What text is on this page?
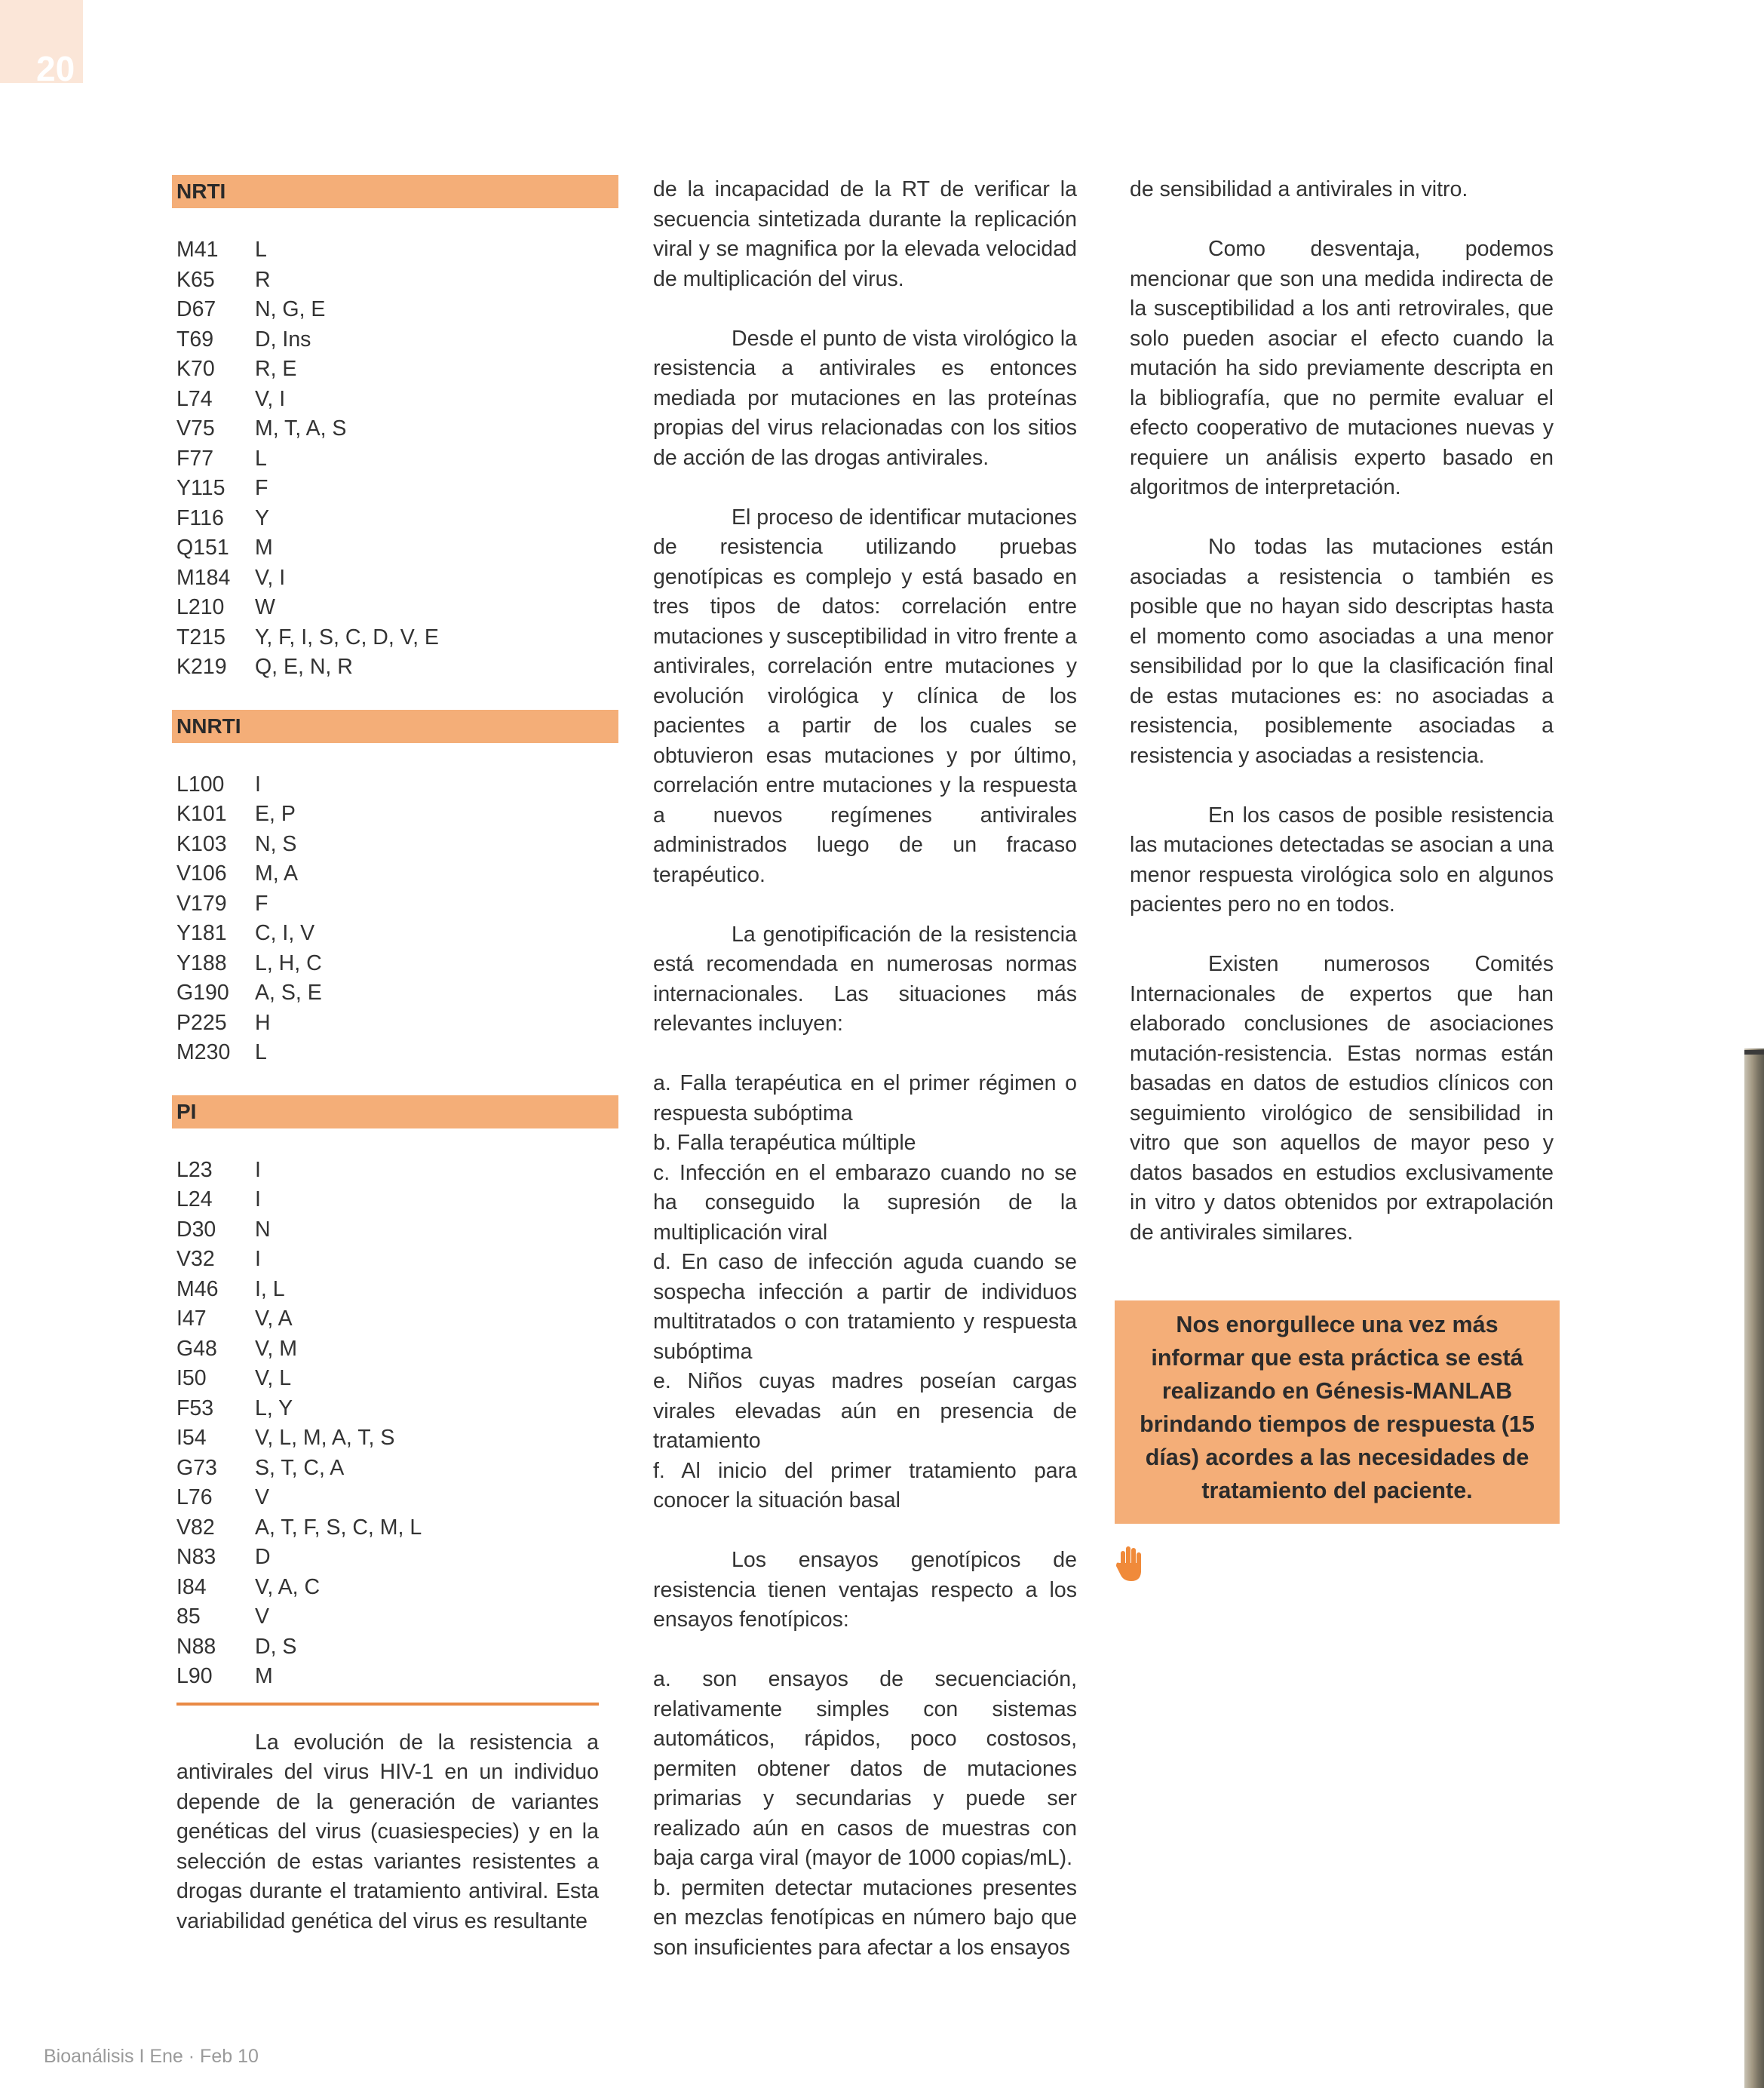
20
NRTI
M41	L
K65	R
D67	N, G, E
T69	D, Ins
K70	R, E
L74	V, I
V75	M, T, A, S
F77	L
Y115	F
F116	Y
Q151	M
M184	V, I
L210	W
T215	Y, F, I, S, C, D, V, E
K219	Q, E, N, R
NNRTI
L100	I
K101	E, P
K103	N, S
V106	M, A
V179	F
Y181	C, I, V
Y188	L, H, C
G190	A, S, E
P225	H
M230	L
PI
L23	I
L24	I
D30	N
V32	I
M46	I, L
I47	V, A
G48	V, M
I50	V, L
F53	L, Y
I54	V, L, M, A, T, S
G73	S, T, C, A
L76	V
V82	A, T, F, S, C, M, L
N83	D
I84	V, A, C
85	V
N88	D, S
L90	M

La evolución de la resistencia a antivirales del virus HIV-1 en un individuo depende de la generación de variantes genéticas del virus (cuasiespecies) y en la selección de estas variantes resistentes a drogas durante el tratamiento antiviral. Esta variabilidad genética del virus es resultante

de la incapacidad de la RT de verificar la secuencia sintetizada durante la replicación viral y se magnifica por la elevada velocidad de multiplicación del virus.

Desde el punto de vista virológico la resistencia a antivirales es entonces mediada por mutaciones en las proteínas propias del virus relacionadas con los sitios de acción de las drogas antivirales.

El proceso de identificar mutaciones de resistencia utilizando pruebas genotípicas es complejo y está basado en tres tipos de datos: correlación entre mutaciones y susceptibilidad in vitro frente a antivirales, correlación entre mutaciones y evolución virológica y clínica de los pacientes a partir de los cuales se obtuvieron esas mutaciones y por último, correlación entre mutaciones y la respuesta a nuevos regímenes antivirales administrados luego de un fracaso terapéutico.

La genotipificación de la resistencia está recomendada en numerosas normas internacionales. Las situaciones más relevantes incluyen:

a. Falla terapéutica en el primer régimen o respuesta subóptima

b. Falla terapéutica múltiple

c. Infección en el embarazo cuando no se ha conseguido la supresión de la multiplicación viral

d. En caso de infección aguda cuando se sospecha infección a partir de individuos multitratados o con tratamiento y respuesta subóptima

e. Niños cuyas madres poseían cargas virales elevadas aún en presencia de tratamiento

f. Al inicio del primer tratamiento para conocer la situación basal

Los ensayos genotípicos de resistencia tienen ventajas respecto a los ensayos fenotípicos:

a. son ensayos de secuenciación, relativamente simples con sistemas automáticos, rápidos, poco costosos, permiten obtener datos de mutaciones primarias y secundarias y puede ser realizado aún en casos de muestras con baja carga viral (mayor de 1000 copias/mL).

b. permiten detectar mutaciones presentes en mezclas fenotípicas en número bajo que son insuficientes para afectar a los ensayos

de sensibilidad a antivirales in vitro.

Como desventaja, podemos mencionar que son una medida indirecta de la susceptibilidad a los anti retrovirales, que solo pueden asociar el efecto cuando la mutación ha sido previamente descripta en la bibliografía, que no permite evaluar el efecto cooperativo de mutaciones nuevas y requiere un análisis experto basado en algoritmos de interpretación.

No todas las mutaciones están asociadas a resistencia o también es posible que no hayan sido descriptas hasta el momento como asociadas a una menor sensibilidad por lo que la clasificación final de estas mutaciones es: no asociadas a resistencia, posiblemente asociadas a resistencia y asociadas a resistencia.

En los casos de posible resistencia las mutaciones detectadas se asocian a una menor respuesta virológica solo en algunos pacientes pero no en todos.

Existen numerosos Comités Internacionales de expertos que han elaborado conclusiones de asociaciones mutación-resistencia. Estas normas están basadas en datos de estudios clínicos con seguimiento virológico de sensibilidad in vitro que son aquellos de mayor peso y datos basados en estudios exclusivamente in vitro y datos obtenidos por extrapolación de antivirales similares.

Nos enorgullece una vez más informar que esta práctica se está realizando en Génesis-MANLAB brindando tiempos de respuesta (15 días) acordes a las necesidades de tratamiento del paciente.
Bioanálisis I Ene · Feb 10
